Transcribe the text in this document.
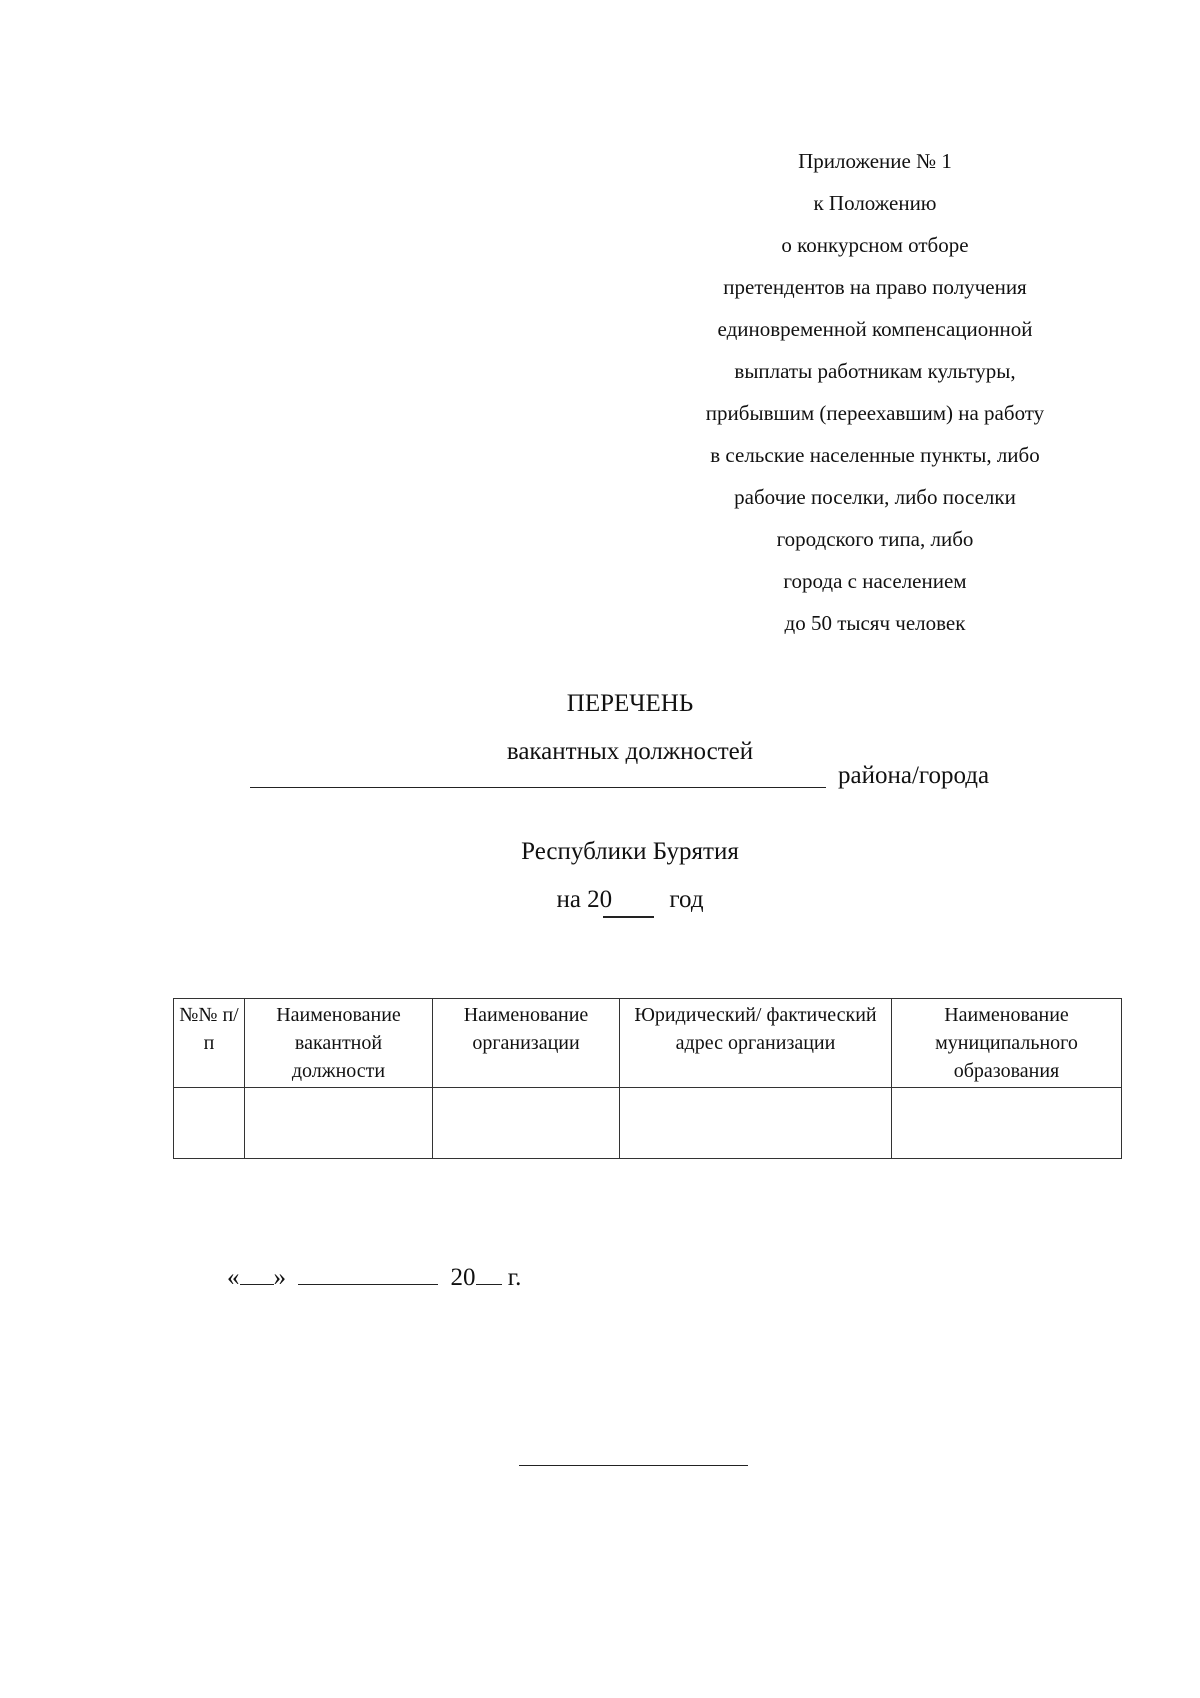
Приложение № 1
к Положению
о конкурсном отборе
претендентов на право получения
единовременной компенсационной
выплаты работникам культуры,
прибывшим (переехавшим) на работу
в сельские населенные пункты, либо
рабочие поселки, либо поселки
городского типа, либо
города с населением
до 50 тысяч человек
ПЕРЕЧЕНЬ
вакантных должностей
района/города
Республики Бурятия
на 20 год
№№ п/п	Наименование вакантной должности	Наименование организации	Юридический/ фактический адрес организации	Наименование муниципального образования

« »	20 г.
